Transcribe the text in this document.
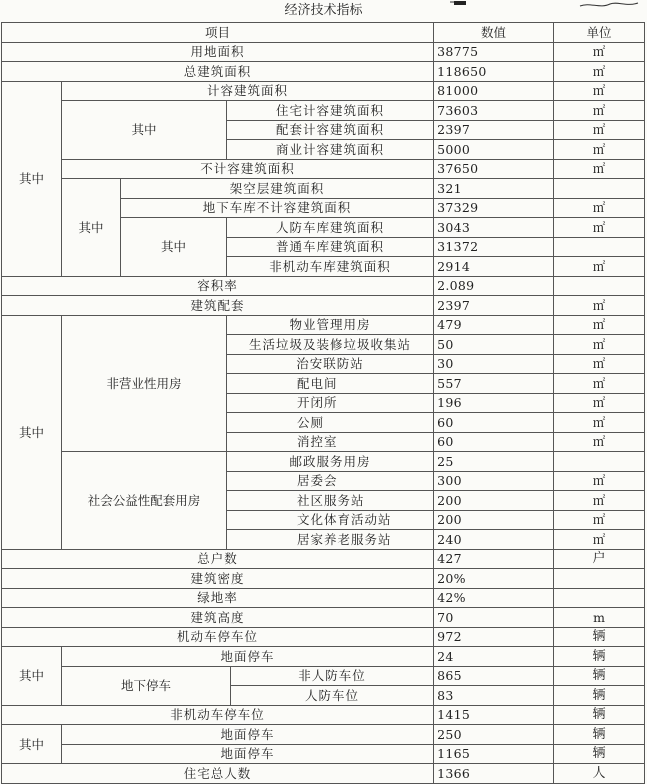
经济技术指标
项目					数值	单位
用地面积					38775	㎡
总建筑面积					118650	㎡
其中	计容建筑面积				81000	㎡
	其中		住宅计容建筑面积		73603	㎡
			配套计容建筑面积		2397	㎡
			商业计容建筑面积		5000	㎡
	不计容建筑面积				37650	㎡
	其中	架空层建筑面积			321	
		地下车库不计容建筑面积			37329	㎡
		其中	人防车库建筑面积		3043	㎡
			普通车库建筑面积		31372	
			非机动车库建筑面积		2914	㎡
容积率					2.089	
建筑配套					2397	㎡
其中	非营业性用房		物业管理用房		479	㎡
			生活垃圾及装修垃圾收集站		50	㎡
			治安联防站		30	㎡
			配电间		557	㎡
			开闭所		196	㎡
			公厕		60	㎡
			消控室		60	㎡
	社会公益性配套用房		邮政服务用房		25	
			居委会		300	㎡
			社区服务站		200	㎡
			文化体育活动站		200	㎡
			居家养老服务站		240	㎡
总户数					427	户
建筑密度					20%	
绿地率					42%	
建筑高度					70	m
机动车停车位					972	辆
其中	地面停车				24	辆
	地下停车			非人防车位	865	辆
				人防车位	83	辆
非机动车停车位					1415	辆
其中	地面停车				250	辆
	地面停车				1165	辆
住宅总人数					1366	人
